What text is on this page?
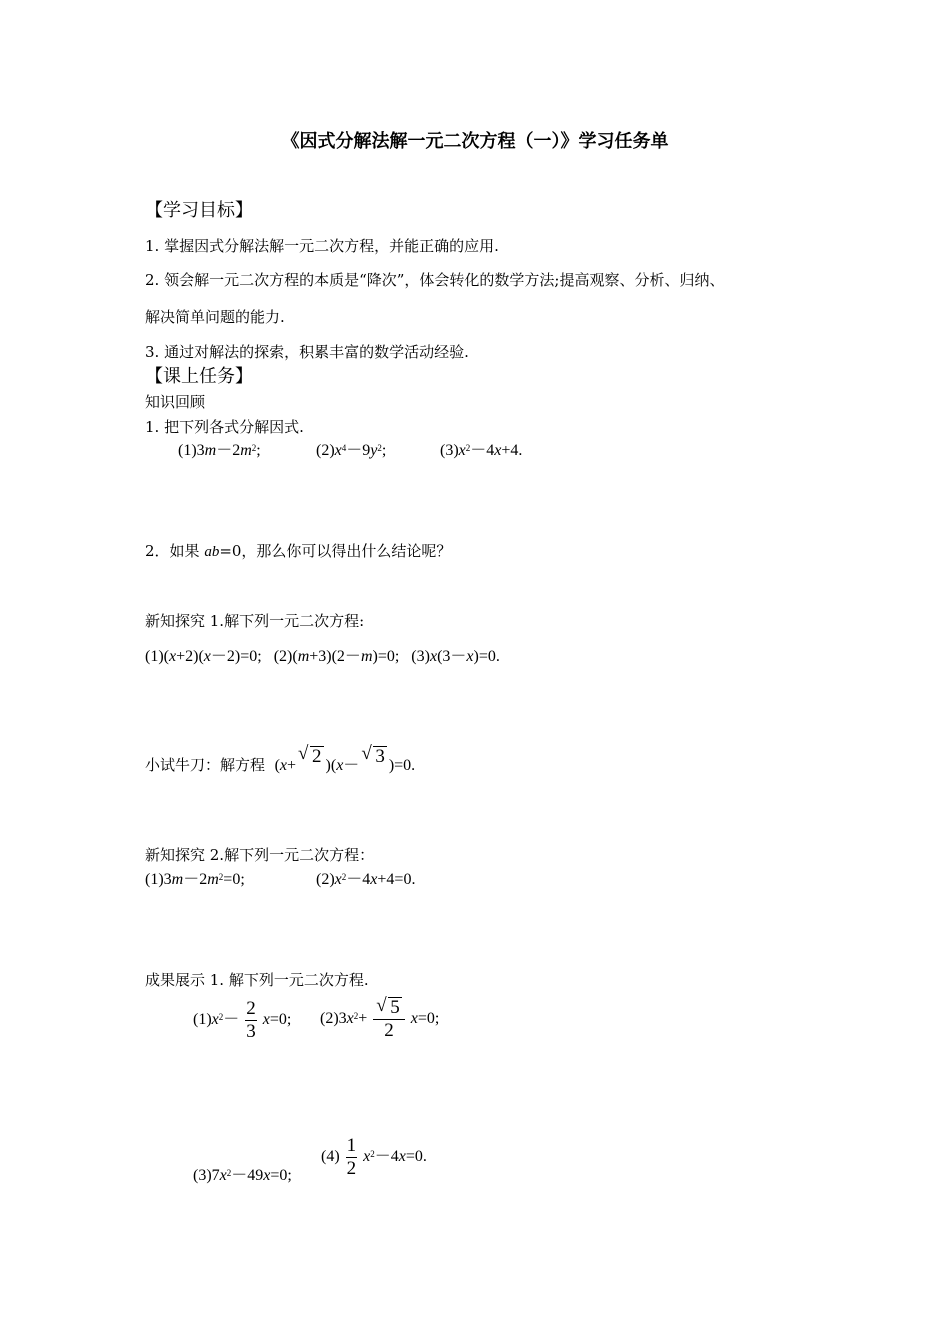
《因式分解法解一元二次方程（一）》学习任务单
【学习目标】
1. 掌握因式分解法解一元二次方程，并能正确的应用.
2. 领会解一元二次方程的本质是“降次”，体会转化的数学方法;提高观察、分析、归纳、
解决简单问题的能力.
3. 通过对解法的探索，积累丰富的数学活动经验.
【课上任务】
知识回顾
1. 把下列各式分解因式.
$(1)3m-2m^2$;	$(2)x^4-9y^2$;	$(3)x^2-4x+4$.
2．如果 ab=0，那么你可以得出什么结论呢？
新知探究 1.解下列一元二次方程:
(1)(x+2)(x－2)=0;   (2)(m+3)(2－m)=0;   (3)x(3－x)=0.
小试牛刀：解方程 (x+
√ 2 )(x－
√ 3 )=0.
新知探究 2.解下列一元二次方程：
$(1)3m-2m^2=0$;	$(2)x^2-4x+4=0$.
成果展示 1. 解下列一元二次方程.
$(1)x^2- \frac{2}{3} x=0$; $(2)3x^2+ \frac{√ 5}{2} x=0$;
$(3)7x^2-49x=0$;
$(4) \frac{1}{2} x^2-4x=0$.
